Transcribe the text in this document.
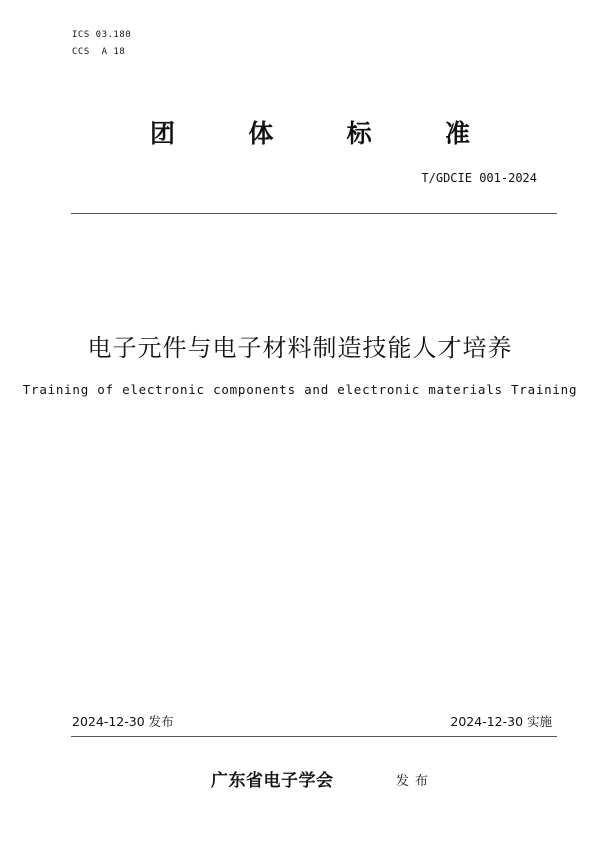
ICS 03.180
CCS  A 18
团	体	标	准
T/GDCIE 001-2024
电子元件与电子材料制造技能人才培养
Training of electronic components and electronic materials Training
2024-12-30 发布	2024-12-30 实施
广东省电子学会	发布
